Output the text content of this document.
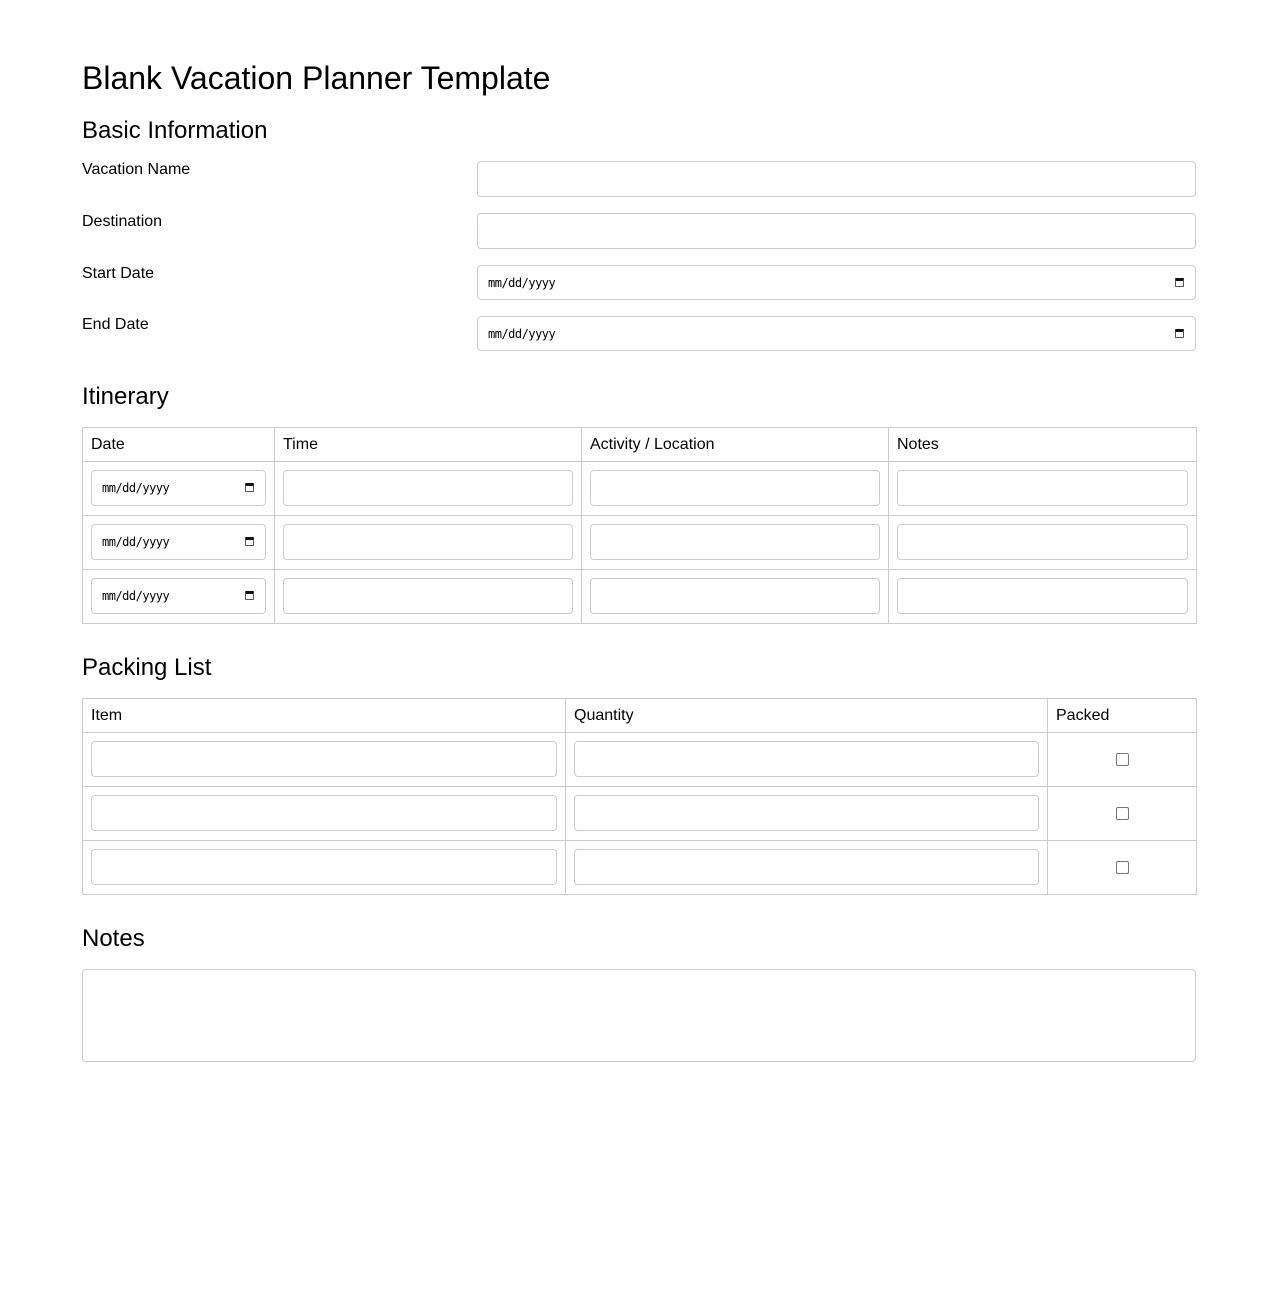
Blank Vacation Planner Template
Basic Information
Vacation Name
Destination
Start Date
mm/dd/yyyy
End Date
mm/dd/yyyy
Itinerary
Date	Time	Activity / Location	Notes

mm/dd/yyyy			

mm/dd/yyyy			

mm/dd/yyyy			

Packing List
Item	Quantity	Packed

Notes
